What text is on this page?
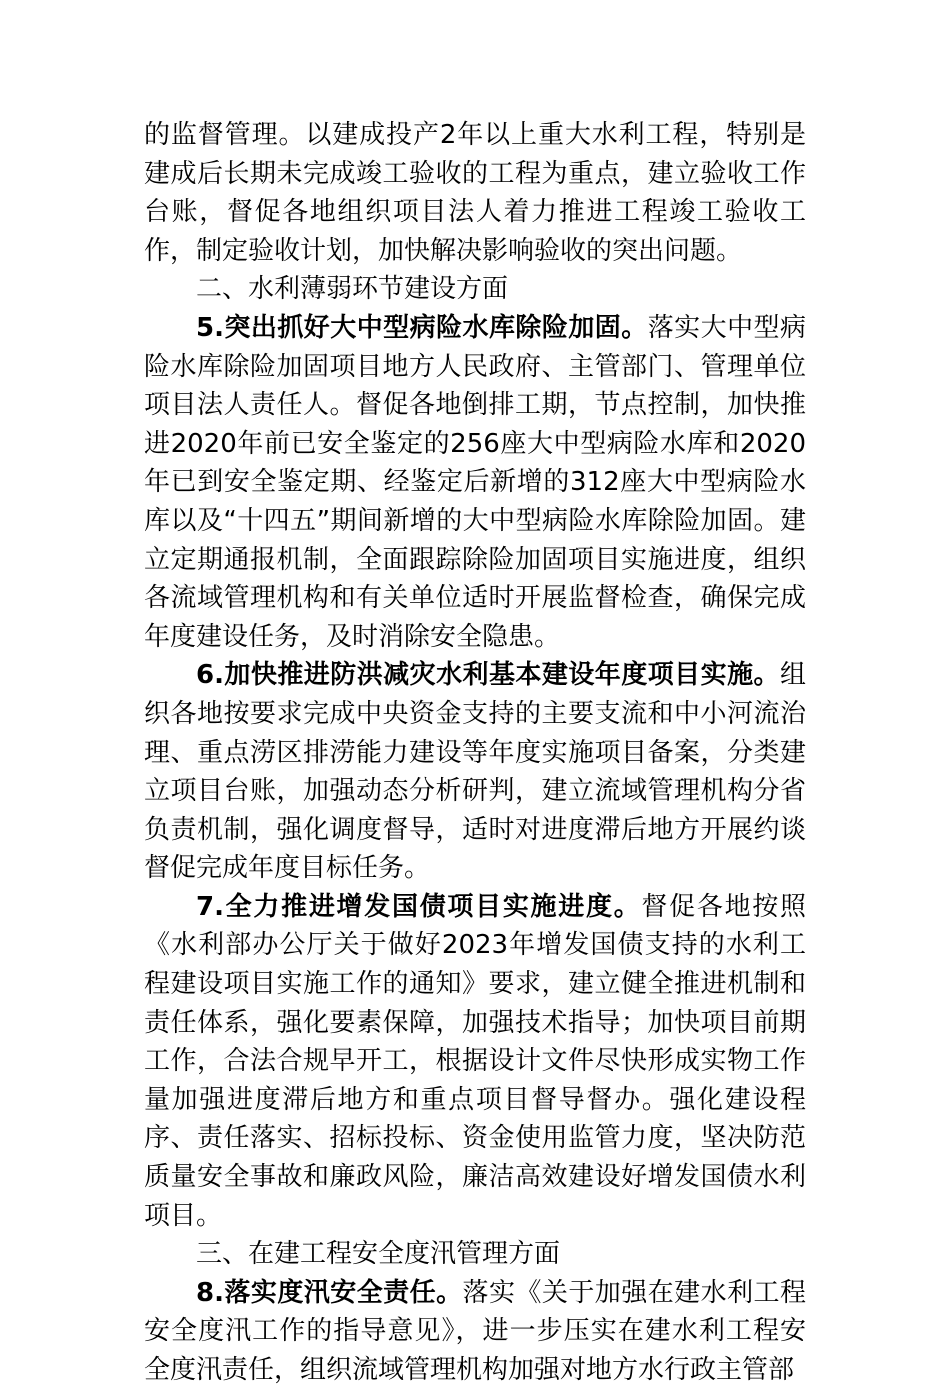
的监督管理。以建成投产2年以上重大水利工程，特别是建成后长期未完成竣工验收的工程为重点，建立验收工作台账，督促各地组织项目法人着力推进工程竣工验收工作，制定验收计划，加快解决影响验收的突出问题。

二、水利薄弱环节建设方面

5.突出抓好大中型病险水库除险加固。落实大中型病险水库除险加固项目地方人民政府、主管部门、管理单位项目法人责任人。督促各地倒排工期，节点控制，加快推进2020年前已安全鉴定的256座大中型病险水库和2020年已到安全鉴定期、经鉴定后新增的312座大中型病险水库以及“十四五”期间新增的大中型病险水库除险加固。建立定期通报机制，全面跟踪除险加固项目实施进度，组织各流域管理机构和有关单位适时开展监督检查，确保完成年度建设任务，及时消除安全隐患。

6.加快推进防洪减灾水利基本建设年度项目实施。组织各地按要求完成中央资金支持的主要支流和中小河流治理、重点涝区排涝能力建设等年度实施项目备案，分类建立项目台账，加强动态分析研判，建立流域管理机构分省负责机制，强化调度督导，适时对进度滞后地方开展约谈督促完成年度目标任务。

7.全力推进增发国债项目实施进度。督促各地按照《水利部办公厅关于做好2023年增发国债支持的水利工程建设项目实施工作的通知》要求，建立健全推进机制和责任体系，强化要素保障，加强技术指导；加快项目前期工作，合法合规早开工，根据设计文件尽快形成实物工作量加强进度滞后地方和重点项目督导督办。强化建设程序、责任落实、招标投标、资金使用监管力度，坚决防范质量安全事故和廉政风险，廉洁高效建设好增发国债水利项目。

三、在建工程安全度汛管理方面

8.落实度汛安全责任。落实《关于加强在建水利工程安全度汛工作的指导意见》，进一步压实在建水利工程安全度汛责任，组织流域管理机构加强对地方水行政主管部
